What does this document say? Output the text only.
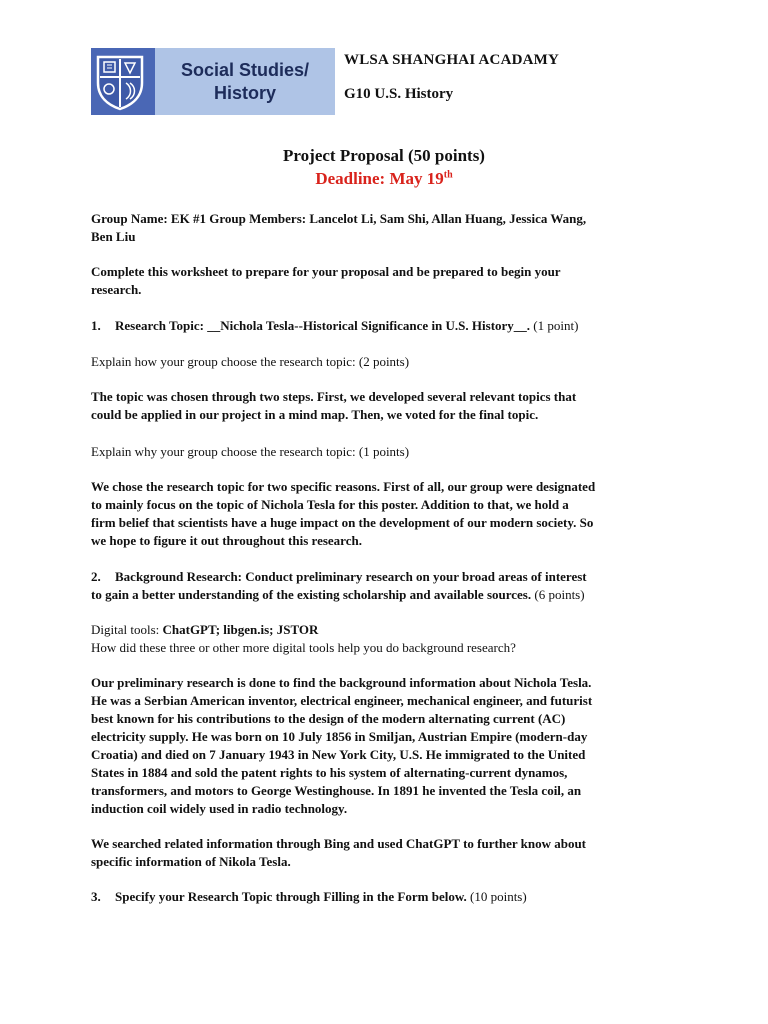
Social Studies/
History
WLSA SHANGHAI ACADAMY
G10 U.S. History
Project Proposal (50 points)
Deadline: May 19th
Group Name: EK #1 Group Members: Lancelot Li, Sam Shi, Allan Huang, Jessica Wang,
Ben Liu
Complete this worksheet to prepare for your proposal and be prepared to begin your
research.
1. Research Topic: __Nichola Tesla--Historical Significance in U.S. History__. (1 point)
Explain how your group choose the research topic: (2 points)
The topic was chosen through two steps. First, we developed several relevant topics that
could be applied in our project in a mind map. Then, we voted for the final topic.
Explain why your group choose the research topic: (1 points)
We chose the research topic for two specific reasons. First of all, our group were designated
to mainly focus on the topic of Nichola Tesla for this poster. Addition to that, we hold a
firm belief that scientists have a huge impact on the development of our modern society. So
we hope to figure it out throughout this research.
2. Background Research: Conduct preliminary research on your broad areas of interest
to gain a better understanding of the existing scholarship and available sources. (6 points)
Digital tools: ChatGPT; libgen.is; JSTOR
How did these three or other more digital tools help you do background research?
Our preliminary research is done to find the background information about Nichola Tesla.
He was a Serbian American inventor, electrical engineer, mechanical engineer, and futurist
best known for his contributions to the design of the modern alternating current (AC)
electricity supply. He was born on 10 July 1856 in Smiljan, Austrian Empire (modern-day
Croatia) and died on 7 January 1943 in New York City, U.S. He immigrated to the United
States in 1884 and sold the patent rights to his system of alternating-current dynamos,
transformers, and motors to George Westinghouse. In 1891 he invented the Tesla coil, an
induction coil widely used in radio technology.
We searched related information through Bing and used ChatGPT to further know about
specific information of Nikola Tesla.
3. Specify your Research Topic through Filling in the Form below. (10 points)
